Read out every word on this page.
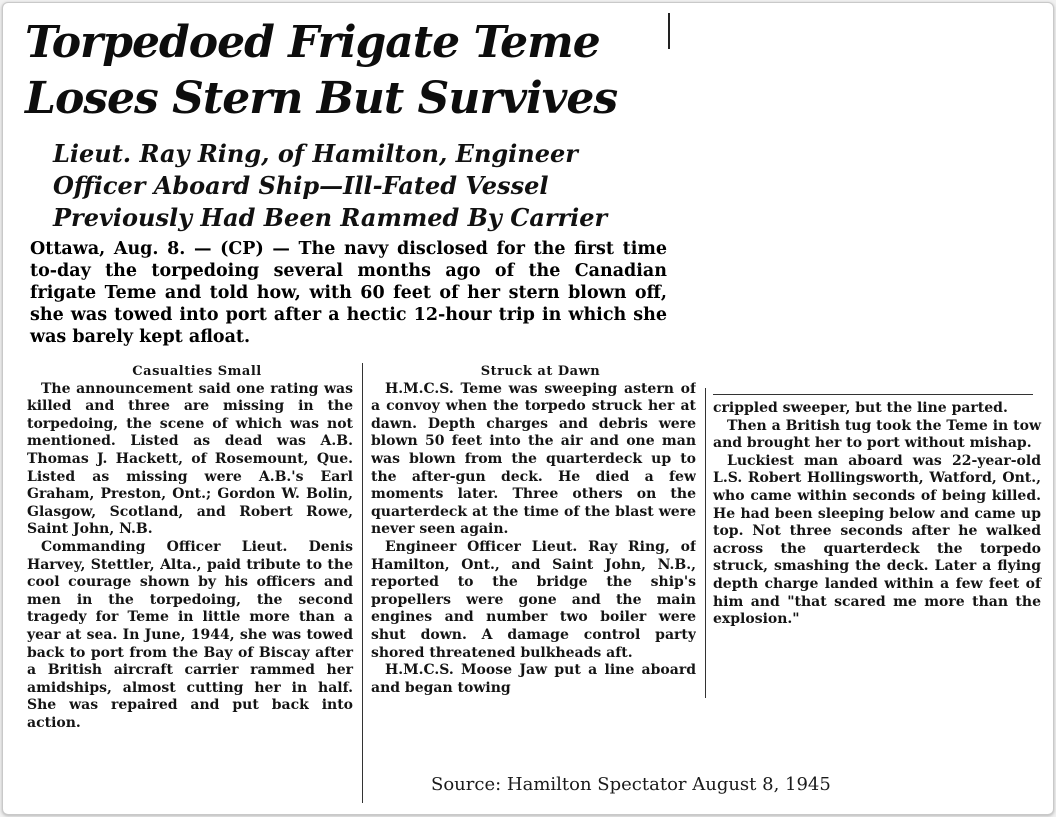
Torpedoed Frigate Teme Loses Stern But Survives
Lieut. Ray Ring, of Hamilton, Engineer Officer Aboard Ship—Ill-Fated Vessel Previously Had Been Rammed By Carrier

Ottawa, Aug. 8. — (CP) — The navy disclosed for the first time to-day the torpedoing several months ago of the Canadian frigate Teme and told how, with 60 feet of her stern blown off, she was towed into port after a hectic 12-hour trip in which she was barely kept afloat.

Casualties Small

The announcement said one rating was killed and three are missing in the torpedoing, the scene of which was not mentioned. Listed as dead was A.B. Thomas J. Hackett, of Rosemount, Que. Listed as missing were A.B.'s Earl Graham, Preston, Ont.; Gordon W. Bolin, Glasgow, Scotland, and Robert Rowe, Saint John, N.B.

Commanding Officer Lieut. Denis Harvey, Stettler, Alta., paid tribute to the cool courage shown by his officers and men in the torpedoing, the second tragedy for Teme in little more than a year at sea. In June, 1944, she was towed back to port from the Bay of Biscay after a British aircraft carrier rammed her amidships, almost cutting her in half. She was repaired and put back into action.

Struck at Dawn

H.M.C.S. Teme was sweeping astern of a convoy when the torpedo struck her at dawn. Depth charges and debris were blown 50 feet into the air and one man was blown from the quarterdeck up to the after-gun deck. He died a few moments later. Three others on the quarterdeck at the time of the blast were never seen again.

Engineer Officer Lieut. Ray Ring, of Hamilton, Ont., and Saint John, N.B., reported to the bridge the ship's propellers were gone and the main engines and number two boiler were shut down. A damage control party shored threatened bulkheads aft.

H.M.C.S. Moose Jaw put a line aboard and began towing

crippled sweeper, but the line parted.

Then a British tug took the Teme in tow and brought her to port without mishap.

Luckiest man aboard was 22-year-old L.S. Robert Hollingsworth, Watford, Ont., who came within seconds of being killed. He had been sleeping below and came up top. Not three seconds after he walked across the quarterdeck the torpedo struck, smashing the deck. Later a flying depth charge landed within a few feet of him and "that scared me more than the explosion."

Source: Hamilton Spectator August 8, 1945
